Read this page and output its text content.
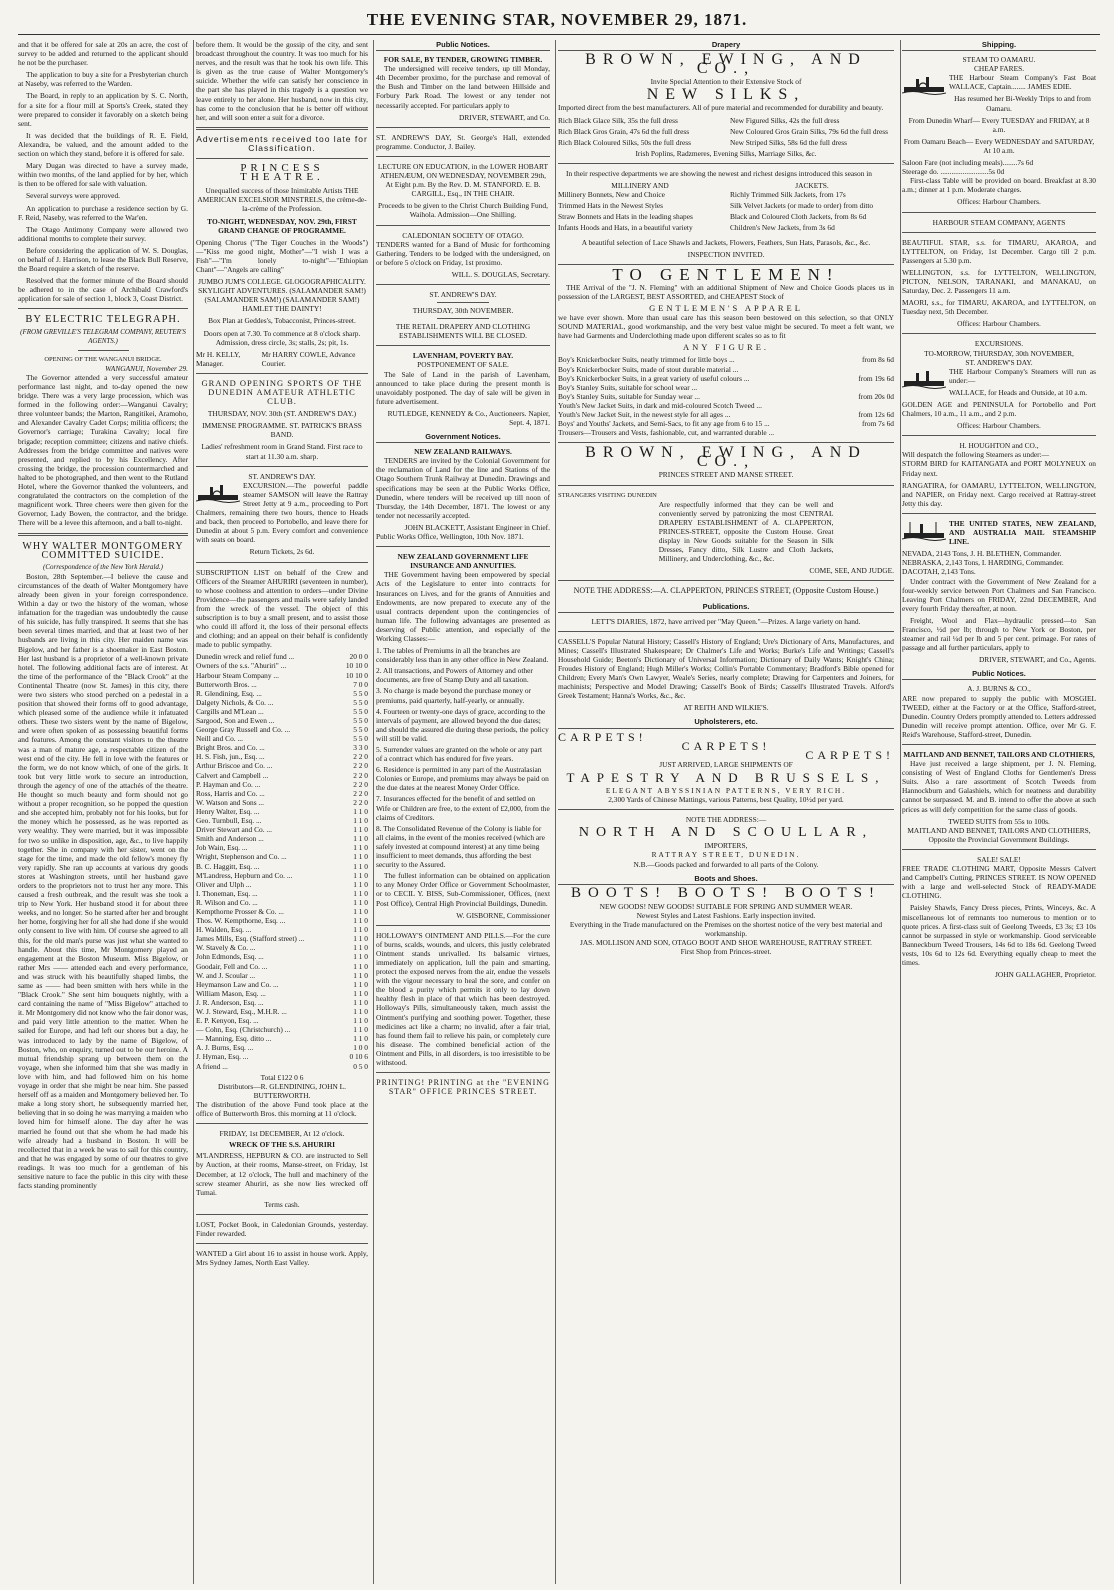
THE EVENING STAR, NOVEMBER 29, 1871.

and that it be offered for sale at 20s an acre, the cost of survey to be added and returned to the applicant should he not be the purchaser.

The application to buy a site for a Presbyterian church at Naseby, was referred to the Warden.

The Board, in reply to an application by S. C. North, for a site for a flour mill at Sports's Creek, stated they were prepared to consider it favorably on a sketch being sent.

It was decided that the buildings of R. E. Field, Alexandra, be valued, and the amount added to the section on which they stand, before it is offered for sale.

Mary Dugan was directed to have a survey made, within two months, of the land applied for by her, which is then to be offered for sale with valuation.

Several surveys were approved.

An application to purchase a residence section by G. F. Reid, Naseby, was referred to the War'en.

The Otago Antimony Company were allowed two additional months to complete their survey.

Before considering the application of W. S. Douglas, on behalf of J. Harrison, to lease the Black Bull Reserve, the Board require a sketch of the reserve.

Resolved that the former minute of the Board should be adhered to in the case of Archibald Crawford's application for sale of section 1, block 3, Coast District.

BY ELECTRIC TELEGRAPH.
(FROM GREVILLE'S TELEGRAM COMPANY, REUTER'S AGENTS.)
OPENING OF THE WANGANUI BRIDGE.
WANGANUI, November 29.

The Governor attended a very successful amateur performance last night, and to-day opened the new bridge. There was a very large procession, which was formed in the following order:—Wanganui Cavalry; three volunteer bands; the Marton, Rangitikei, Aramoho, and Alexander Cavalry Cadet Corps; militia officers; the Governor's carriage; Turakina Cavalry; local fire brigade; reception committee; citizens and native chiefs. Addresses from the bridge committee and natives were presented, and replied to by his Excellency. After crossing the bridge, the procession countermarched and halted to be photographed, and then went to the Rutland Hotel, where the Governor thanked the volunteers, and congratulated the contractors on the completion of the magnificent work. Three cheers were then given for the Governor, Lady Bowen, the contractor, and the bridge. There will be a levee this afternoon, and a ball to-night.

WHY WALTER MONTGOMERY COMMITTED SUICIDE.
(Correspondence of the New York Herald.)

Boston, 28th September.—I believe the cause and circumstances of the death of Walter Montgomery have already been given in your foreign correspondence. Within a day or two the history of the woman, whose infatuation for the tragedian was undoubtedly the cause of his suicide, has fully transpired. It seems that she has been several times married, and that at least two of her husbands are living in this city. Her maiden name was Bigelow, and her father is a shoemaker in East Boston. Her last husband is a proprietor of a well-known private hotel. The following additional facts are of interest. At the time of the performance of the "Black Crook" at the Continental Theatre (now St. James) in this city, there were two sisters who stood perched on a pedestal in a position that showed their forms off to good advantage, which pleased some of the audience while it infatuated others. These two sisters went by the name of Bigelow, and were often spoken of as possessing beautiful forms and features. Among the constant visitors to the theatre was a man of mature age, a respectable citizen of the west end of the city. He fell in love with the features or the form, we do not know which, of one of the girls. It took but very little work to secure an introduction, through the agency of one of the attachés of the theatre. He thought so much beauty and form should not go without a proper recognition, so he popped the question and she accepted him, probably not for his looks, but for the money which he possessed, as he was reported as very wealthy. They were married, but it was impossible for two so unlike in disposition, age, &c., to live happily together. She in company with her sister, went on the stage for the time, and made the old fellow's money fly very rapidly. She ran up accounts at various dry goods stores at Washington streets, until her husband gave orders to the proprietors not to trust her any more. This caused a fresh outbreak, and the result was she took a trip to New York. Her husband stood it for about three weeks, and no longer. So he started after her and brought her home, forgiving her for all she had done if she would only consent to live with him. Of course she agreed to all this, for the old man's purse was just what she wanted to handle. About this time, Mr Montgomery played an engagement at the Boston Museum. Miss Bigelow, or rather Mrs —— attended each and every performance, and was struck with his beautifully shaped limbs, the same as —— had been smitten with hers while in the "Black Crook." She sent him bouquets nightly, with a card containing the name of "Miss Bigelow" attached to it. Mr Montgomery did not know who the fair donor was, and paid very little attention to the matter. When he sailed for Europe, and had left our shores but a day, he was introduced to lady by the name of Bigelow, of Boston, who, on enquiry, turned out to be our heroine. A mutual friendship sprang up between them on the voyage, when she informed him that she was madly in love with him, and had followed him on his home voyage in order that she might be near him. She passed herself off as a maiden and Montgomery believed her. To make a long story short, he subsequently married her, believing that in so doing he was marrying a maiden who loved him for himself alone. The day after he was married he found out that she whom he had made his wife already had a husband in Boston. It will be recollected that in a week he was to sail for this country, and that he was engaged by some of our theatres to give readings. It was too much for a gentleman of his sensitive nature to face the public in this city with these facts standing prominently

before them. It would be the gossip of the city, and sent broadcast throughout the country. It was too much for his nerves, and the result was that he took his own life. This is given as the true cause of Walter Montgomery's suicide. Whether the wife can satisfy her conscience in the part she has played in this tragedy is a question we leave entirely to her alone. Her husband, now in this city, has come to the conclusion that he is better off without her, and will soon enter a suit for a divorce.

Advertisements received too late for Classification.
PRINCESS THEATRE.

Unequalled success of those Inimitable Artists THE AMERICAN EXCELSIOR MINSTRELS, the crème-de-la-crème of the Profession.

TO-NIGHT, WEDNESDAY, NOV. 29th, FIRST GRAND CHANGE OF PROGRAMME.

Opening Chorus ("The Tiger Couches in the Woods")—"Kiss me good night, Mother"—"I wish I was a Fish"—"I'm lonely to-night"—"Ethiopian Chant"—"Angels are calling"

JUMBO JUM'S COLLEGE. GLOGOGRAPHICALITY. SKYLIGHT ADVENTURES. (SALAMANDER SAM!) (SALAMANDER SAM!) (SALAMANDER SAM!) HAMLET THE DAINTY!

Box Plan at Geddes's, Tobacconist, Princes-street.

Doors open at 7.30. To commence at 8 o'clock sharp. Admission, dress circle, 3s; stalls, 2s; pit, 1s.

Mr H. KELLY, Manager.
Mr HARRY COWLE, Advance Courier.
GRAND OPENING SPORTS OF THE DUNEDIN AMATEUR ATHLETIC CLUB.

THURSDAY, NOV. 30th (ST. ANDREW'S DAY.)

IMMENSE PROGRAMME. ST. PATRICK'S BRASS BAND.

Ladies' refreshment room in Grand Stand. First race to start at 11.30 a.m. sharp.

ST. ANDREW'S DAY.

EXCURSION.—The powerful paddle steamer SAMSON will leave the Rattray Street Jetty at 9 a.m., proceeding to Port Chalmers, remaining there two hours, thence to Heads and back, then proceed to Portobello, and leave there for Dunedin at about 5 p.m. Every comfort and convenience with seats on board.

Return Tickets, 2s 6d.

SUBSCRIPTION LIST on behalf of the Crew and Officers of the Steamer AHURIRI (seventeen in number), to whose coolness and attention to orders—under Divine Providence—the passengers and mails were safely landed from the wreck of the vessel. The object of this subscription is to buy a small present, and to assist those who could ill afford it, the loss of their personal effects and clothing; and an appeal on their behalf is confidently made to public sympathy.

Dunedin wreck and relief fund ...	20 0 0
Owners of the s.s. "Ahuriri" ...	10 10 0
Harbour Steam Company ...	10 10 0
Butterworth Bros. ...	7 0 0
R. Glendining, Esq. ...	5 5 0
Dalgety Nichols, & Co. ...	5 5 0
Cargills and M'Lean ...	5 5 0
Sargood, Son and Ewen ...	5 5 0
George Gray Russell and Co. ...	5 5 0
Neill and Co. ...	5 5 0
Bright Bros. and Co. ...	3 3 0
H. S. Fish, jun., Esq. ...	2 2 0
Arthur Briscoe and Co. ...	2 2 0
Calvert and Campbell ...	2 2 0
P. Hayman and Co. ...	2 2 0
Ross, Harris and Co. ...	2 2 0
W. Watson and Sons ...	2 2 0
Henry Walter, Esq. ...	1 1 0
Geo. Turnbull, Esq. ...	1 1 0
Driver Stewart and Co. ...	1 1 0
Smith and Anderson ...	1 1 0
Job Wain, Esq. ...	1 1 0
Wright, Stephenson and Co. ...	1 1 0
B. C. Haggitt, Esq. ...	1 1 0
M'Landress, Hepburn and Co. ...	1 1 0
Oliver and Ulph ...	1 1 0
I. Thoneman, Esq. ...	1 1 0
R. Wilson and Co. ...	1 1 0
Kempthorne Prosser & Co. ...	1 1 0
Thos. W. Kempthorne, Esq. ...	1 1 0
H. Walden, Esq. ...	1 1 0
James Mills, Esq. (Stafford street) ...	1 1 0
W. Stavely & Co. ...	1 1 0
John Edmonds, Esq. ...	1 1 0
Goodair, Fell and Co. ...	1 1 0
W. and J. Scoular ...	1 1 0
Heymanson Law and Co. ...	1 1 0
William Mason, Esq. ...	1 1 0
J. R. Anderson, Esq. ...	1 1 0
W. J. Steward, Esq., M.H.R. ...	1 1 0
E. P. Kenyon, Esq. ...	1 1 0
— Cohn, Esq. (Christchurch) ...	1 1 0
— Manning, Esq. ditto ...	1 1 0
A. J. Burns, Esq. ...	1 0 0
J. Hyman, Esq. ...	0 10 6
A friend ...	0 5 0
Total £122 0 6
Distributors—R. GLENDINING, JOHN L. BUTTERWORTH.

The distribution of the above Fund took place at the office of Butterworth Bros. this morning at 11 o'clock.

FRIDAY, 1st DECEMBER, At 12 o'clock.
WRECK OF THE S.S. AHURIRI

M'LANDRESS, HEPBURN & CO. are instructed to Sell by Auction, at their rooms, Manse-street, on Friday, 1st December, at 12 o'clock, The hull and machinery of the screw steamer Ahuriri, as she now lies wrecked off Tumai.

Terms cash.

LOST, Pocket Book, in Caledonian Grounds, yesterday. Finder rewarded.

WANTED a Girl about 16 to assist in house work. Apply, Mrs Sydney James, North East Valley.

Public Notices.
FOR SALE, BY TENDER, GROWING TIMBER.

The undersigned will receive tenders, up till Monday, 4th December proximo, for the purchase and removal of the Bush and Timber on the land between Hillside and Forbury Park Road. The lowest or any tender not necessarily accepted. For particulars apply to

DRIVER, STEWART, and Co.

ST. ANDREW'S DAY, St. George's Hall, extended programme. Conductor, J. Bailey.

LECTURE ON EDUCATION, in the LOWER HOBART ATHENÆUM, ON WEDNESDAY, NOVEMBER 29th, At Eight p.m. By the Rev. D. M. STANFORD. E. B. CARGILL, Esq., IN THE CHAIR.

Proceeds to be given to the Christ Church Building Fund, Waihola. Admission—One Shilling.

CALEDONIAN SOCIETY OF OTAGO.

TENDERS wanted for a Band of Music for forthcoming Gathering. Tenders to be lodged with the undersigned, on or before 5 o'clock on Friday, 1st proximo.

WILL. S. DOUGLAS, Secretary.
ST. ANDREW'S DAY.
THURSDAY, 30th NOVEMBER.

THE RETAIL DRAPERY AND CLOTHING ESTABLISHMENTS WILL BE CLOSED.

LAVENHAM, POVERTY BAY.
POSTPONEMENT OF SALE.

The Sale of Land in the parish of Lavenham, announced to take place during the present month is unavoidably postponed. The day of sale will be given in future advertisement.

RUTLEDGE, KENNEDY & Co., Auctioneers. Napier, Sept. 4, 1871.
Government Notices.
NEW ZEALAND RAILWAYS.

TENDERS are invited by the Colonial Government for the reclamation of Land for the line and Stations of the Otago Southern Trunk Railway at Dunedin. Drawings and specifications may be seen at the Public Works Office, Dunedin, where tenders will be received up till noon of Thursday, the 14th December, 1871. The lowest or any tender not necessarily accepted.

JOHN BLACKETT, Assistant Engineer in Chief.
Public Works Office, Wellington, 10th Nov. 1871.
NEW ZEALAND GOVERNMENT LIFE INSURANCE AND ANNUITIES.

THE Government having been empowered by special Acts of the Legislature to enter into contracts for Insurances on Lives, and for the grants of Annuities and Endowments, are now prepared to execute any of the usual contracts dependent upon the contingencies of human life. The following advantages are presented as deserving of Public attention, and especially of the Working Classes:—

1. The tables of Premiums in all the branches are considerably less than in any other office in New Zealand.
2. All transactions, and Powers of Attorney and other documents, are free of Stamp Duty and all taxation.
3. No charge is made beyond the purchase money or premiums, paid quarterly, half-yearly, or annually.
4. Fourteen or twenty-one days of grace, according to the intervals of payment, are allowed beyond the due dates; and should the assured die during these periods, the policy will still be valid.
5. Surrender values are granted on the whole or any part of a contract which has endured for five years.
6. Residence is permitted in any part of the Australasian Colonies or Europe, and premiums may always be paid on the due dates at the nearest Money Order Office.
7. Insurances effected for the benefit of and settled on Wife or Children are free, to the extent of £2,000, from the claims of Creditors.
8. The Consolidated Revenue of the Colony is liable for all claims, in the event of the monies received (which are safely invested at compound interest) at any time being insufficient to meet demands, thus affording the best security to the Assured.

The fullest information can be obtained on application to any Money Order Office or Government Schoolmaster, or to CECIL Y. BISS, Sub-Commissioner, Offices, (next Post Office), Central High Provincial Buildings, Dunedin.

W. GISBORNE, Commissioner

HOLLOWAY'S OINTMENT AND PILLS.—For the cure of burns, scalds, wounds, and ulcers, this justly celebrated Ointment stands unrivalled. Its balsamic virtues, immediately on application, lull the pain and smarting, protect the exposed nerves from the air, endue the vessels with the vigour necessary to heal the sore, and confer on the blood a purity which permits it only to lay down healthy flesh in place of that which has been destroyed. Holloway's Pills, simultaneously taken, much assist the Ointment's purifying and soothing power. Together, these medicines act like a charm; no invalid, after a fair trial, has found them fail to relieve his pain, or completely cure his disease. The combined beneficial action of the Ointment and Pills, in all disorders, is too irresistible to be withstood.

PRINTING! PRINTING at the "EVENING STAR" OFFICE PRINCES STREET.

Drapery
BROWN, EWING, AND CO.,
Invite Special Attention to their Extensive Stock of
NEW SILKS,

Imported direct from the best manufacturers. All of pure material and recommended for durability and beauty.

Rich Black Glace Silk, 35s the full dress
Rich Black Gros Grain, 47s 6d the full dress
Rich Black Coloured Silks, 50s the full dress
New Figured Silks, 42s the full dress
New Coloured Gros Grain Silks, 79s 6d the full dress
New Striped Silks, 58s 6d the full dress
Irish Poplins, Radzmeres, Evening Silks, Marriage Silks, &c.

In their respective departments we are showing the newest and richest designs introduced this season in

MILLINERY AND	JACKETS.
Millinery Bonnets, New and Choice
Trimmed Hats in the Newest Styles
Straw Bonnets and Hats in the leading shapes
Infants Hoods and Hats, in a beautiful variety
Richly Trimmed Silk Jackets, from 17s
Silk Velvet Jackets (or made to order) from ditto
Black and Coloured Cloth Jackets, from 8s 6d
Children's New Jackets, from 3s 6d

A beautiful selection of Lace Shawls and Jackets, Flowers, Feathers, Sun Hats, Parasols, &c., &c.

INSPECTION INVITED.
TO GENTLEMEN!

THE Arrival of the "J. N. Fleming" with an additional Shipment of New and Choice Goods places us in possession of the LARGEST, BEST ASSORTED, and CHEAPEST Stock of

GENTLEMEN'S APPAREL

we have ever shown. More than usual care has this season been bestowed on this selection, so that ONLY SOUND MATERIAL, good workmanship, and the very best value might be secured. To meet a felt want, we have had Garments and Underclothing made upon different scales so as to fit

ANY FIGURE.
Boy's Knickerbocker Suits, neatly trimmed for little boys ...	from 8s 6d
Boy's Knickerbocker Suits, made of stout durable material ...
Boy's Knickerbocker Suits, in a great variety of useful colours ...	from 19s 6d
Boy's Stanley Suits, suitable for school wear ...
Boy's Stanley Suits, suitable for Sunday wear ...	from 20s 0d
Youth's New Jacket Suits, in dark and mid-coloured Scotch Tweed ...
Youth's New Jacket Suit, in the newest style for all ages ...	from 12s 6d
Boys' and Youths' Jackets, and Semi-Sacs, to fit any age from 6 to 15 ...	from 7s 6d
Trousers—Trousers and Vests, fashionable, cut, and warranted durable ...
BROWN, EWING, AND CO.,
PRINCES STREET AND MANSE STREET.
STRANGERS VISITING DUNEDIN

Are respectfully informed that they can be well and conveniently served by patronizing the most CENTRAL DRAPERY ESTABLISHMENT of A. CLAPPERTON, PRINCES-STREET, opposite the Custom House. Great display in New Goods suitable for the Season in Silk Dresses, Fancy ditto, Silk Lustre and Cloth Jackets, Millinery, and Underclothing, &c., &c.

COME, SEE, AND JUDGE.
NOTE THE ADDRESS:—A. CLAPPERTON, PRINCES STREET, (Opposite Custom House.)
Publications.

LETT'S DIARIES, 1872, have arrived per "May Queen."—Prizes. A large variety on hand.

CASSELL'S Popular Natural History; Cassell's History of England; Ure's Dictionary of Arts, Manufactures, and Mines; Cassell's Illustrated Shakespeare; Dr Chalmer's Life and Works; Burke's Life and Writings; Cassell's Household Guide; Beeton's Dictionary of Universal Information; Dictionary of Daily Wants; Knight's China; Froudes History of England; Hugh Miller's Works; Collin's Portable Commentary; Bradford's Bible opened for Children; Every Man's Own Lawyer, Weale's Series, nearly complete; Drawing for Carpenters and Joiners, for machinists; Perspective and Model Drawing; Cassell's Book of Birds; Cassell's Illustrated Travels. Alford's Greek Testament; Hanna's Works, &c., &c.

AT REITH AND WILKIE'S.
Upholsterers, etc.
CARPETS!
CARPETS!
CARPETS!
JUST ARRIVED, LARGE SHIPMENTS OF
TAPESTRY AND BRUSSELS,
ELEGANT ABYSSINIAN PATTERNS, VERY RICH.
2,300 Yards of Chinese Mattings, various Patterns, best Quality, 10½d per yard.
NOTE THE ADDRESS:—
NORTH AND SCOULLAR,
IMPORTERS,
RATTRAY STREET, DUNEDIN.
N.B.—Goods packed and forwarded to all parts of the Colony.
Boots and Shoes.
BOOTS! BOOTS! BOOTS!
NEW GOODS! NEW GOODS! SUITABLE FOR SPRING AND SUMMER WEAR.
Newest Styles and Latest Fashions. Early inspection invited.
Everything in the Trade manufactured on the Premises on the shortest notice of the very best material and workmanship.
JAS. MOLLISON AND SON, OTAGO BOOT AND SHOE WAREHOUSE, RATTRAY STREET.
First Shop from Princes-street.
Shipping.
STEAM TO OAMARU.
CHEAP FARES.

THE Harbour Steam Company's Fast Boat WALLACE, Captain........ JAMES EDIE.

Has resumed her Bi-Weekly Trips to and from Oamaru.

From Dunedin Wharf— Every TUESDAY and FRIDAY, at 8 a.m.

From Oamaru Beach— Every WEDNESDAY and SATURDAY, At 10 a.m.

Saloon Fare (not including meals)........7s 6d
Steerage do. ..........................5s 0d

First-class Table will be provided on board. Breakfast at 8.30 a.m.; dinner at 1 p.m. Moderate charges.

Offices: Harbour Chambers.
HARBOUR STEAM COMPANY, AGENTS

BEAUTIFUL STAR, s.s. for TIMARU, AKAROA, and LYTTELTON, on Friday, 1st December. Cargo till 2 p.m. Passengers at 5.30 p.m.

WELLINGTON, s.s. for LYTTELTON, WELLINGTON, PICTON, NELSON, TARANAKI, and MANAKAU, on Saturday, Dec. 2. Passengers 11 a.m.

MAORI, s.s., for TIMARU, AKAROA, and LYTTELTON, on Tuesday next, 5th December.

Offices: Harbour Chambers.
EXCURSIONS.
TO-MORROW, THURSDAY, 30th NOVEMBER,
ST. ANDREW'S DAY.

THE Harbour Company's Steamers will run as under:—

WALLACE, for Heads and Outside, at 10 a.m.

GOLDEN AGE and PENINSULA for Portobello and Port Chalmers, 10 a.m., 11 a.m., and 2 p.m.

Offices: Harbour Chambers.
H. HOUGHTON and CO.,
Will despatch the following Steamers as under:—

STORM BIRD for KAITANGATA and PORT MOLYNEUX on Friday next.

RANGATIRA, for OAMARU, LYTTELTON, WELLINGTON, and NAPIER, on Friday next. Cargo received at Rattray-street Jetty this day.

THE UNITED STATES, NEW ZEALAND, AND AUSTRALIA MAIL STEAMSHIP LINE.

NEVADA, 2143 Tons, J. H. BLETHEN, Commander.
NEBRASKA, 2,143 Tons, I. HARDING, Commander.
DACOTAH, 2,143 Tons.

Under contract with the Government of New Zealand for a four-weekly service between Port Chalmers and San Francisco. Leaving Port Chalmers on FRIDAY, 22nd DECEMBER, And every fourth Friday thereafter, at noon.

Freight, Wool and Flax—hydraulic pressed—to San Francisco, ½d per lb; through to New York or Boston, per steamer and rail ¼d per lb and 5 per cent. primage. For rates of passage and all further particulars, apply to

DRIVER, STEWART, and Co., Agents.
Public Notices.
A. J. BURNS & CO.,

ARE now prepared to supply the public with MOSGIEL TWEED, either at the Factory or at the Office, Stafford-street, Dunedin. Country Orders promptly attended to. Letters addressed Dunedin will receive prompt attention. Office, over Mr G. F. Reid's Warehouse, Stafford-street, Dunedin.

MAITLAND AND BENNET, TAILORS AND CLOTHIERS,

Have just received a large shipment, per J. N. Fleming, consisting of West of England Cloths for Gentlemen's Dress Suits. Also a rare assortment of Scotch Tweeds from Hannockburn and Galashiels, which for neatness and durability cannot be surpassed. M. and B. intend to offer the above at such prices as will defy competition for the same class of goods.

TWEED SUITS from 55s to 100s.
MAITLAND AND BENNET, TAILORS AND CLOTHIERS, Opposite the Provincial Government Buildings.
SALE! SALE!

FREE TRADE CLOTHING MART, Opposite Messrs Calvert and Campbell's Cutting, PRINCES STREET. IS NOW OPENED with a large and well-selected Stock of READY-MADE CLOTHING.

Paisley Shawls, Fancy Dress pieces, Prints, Winceys, &c. A miscellaneous lot of remnants too numerous to mention or to quote prices. A first-class suit of Geelong Tweeds, £3 3s; £3 10s cannot be surpassed in style or workmanship. Good serviceable Banneckburn Tweed Trousers, 14s 6d to 18s 6d. Geelong Tweed vests, 10s 6d to 12s 6d. Everything equally cheap to meet the times.

JOHN GALLAGHER, Proprietor.
